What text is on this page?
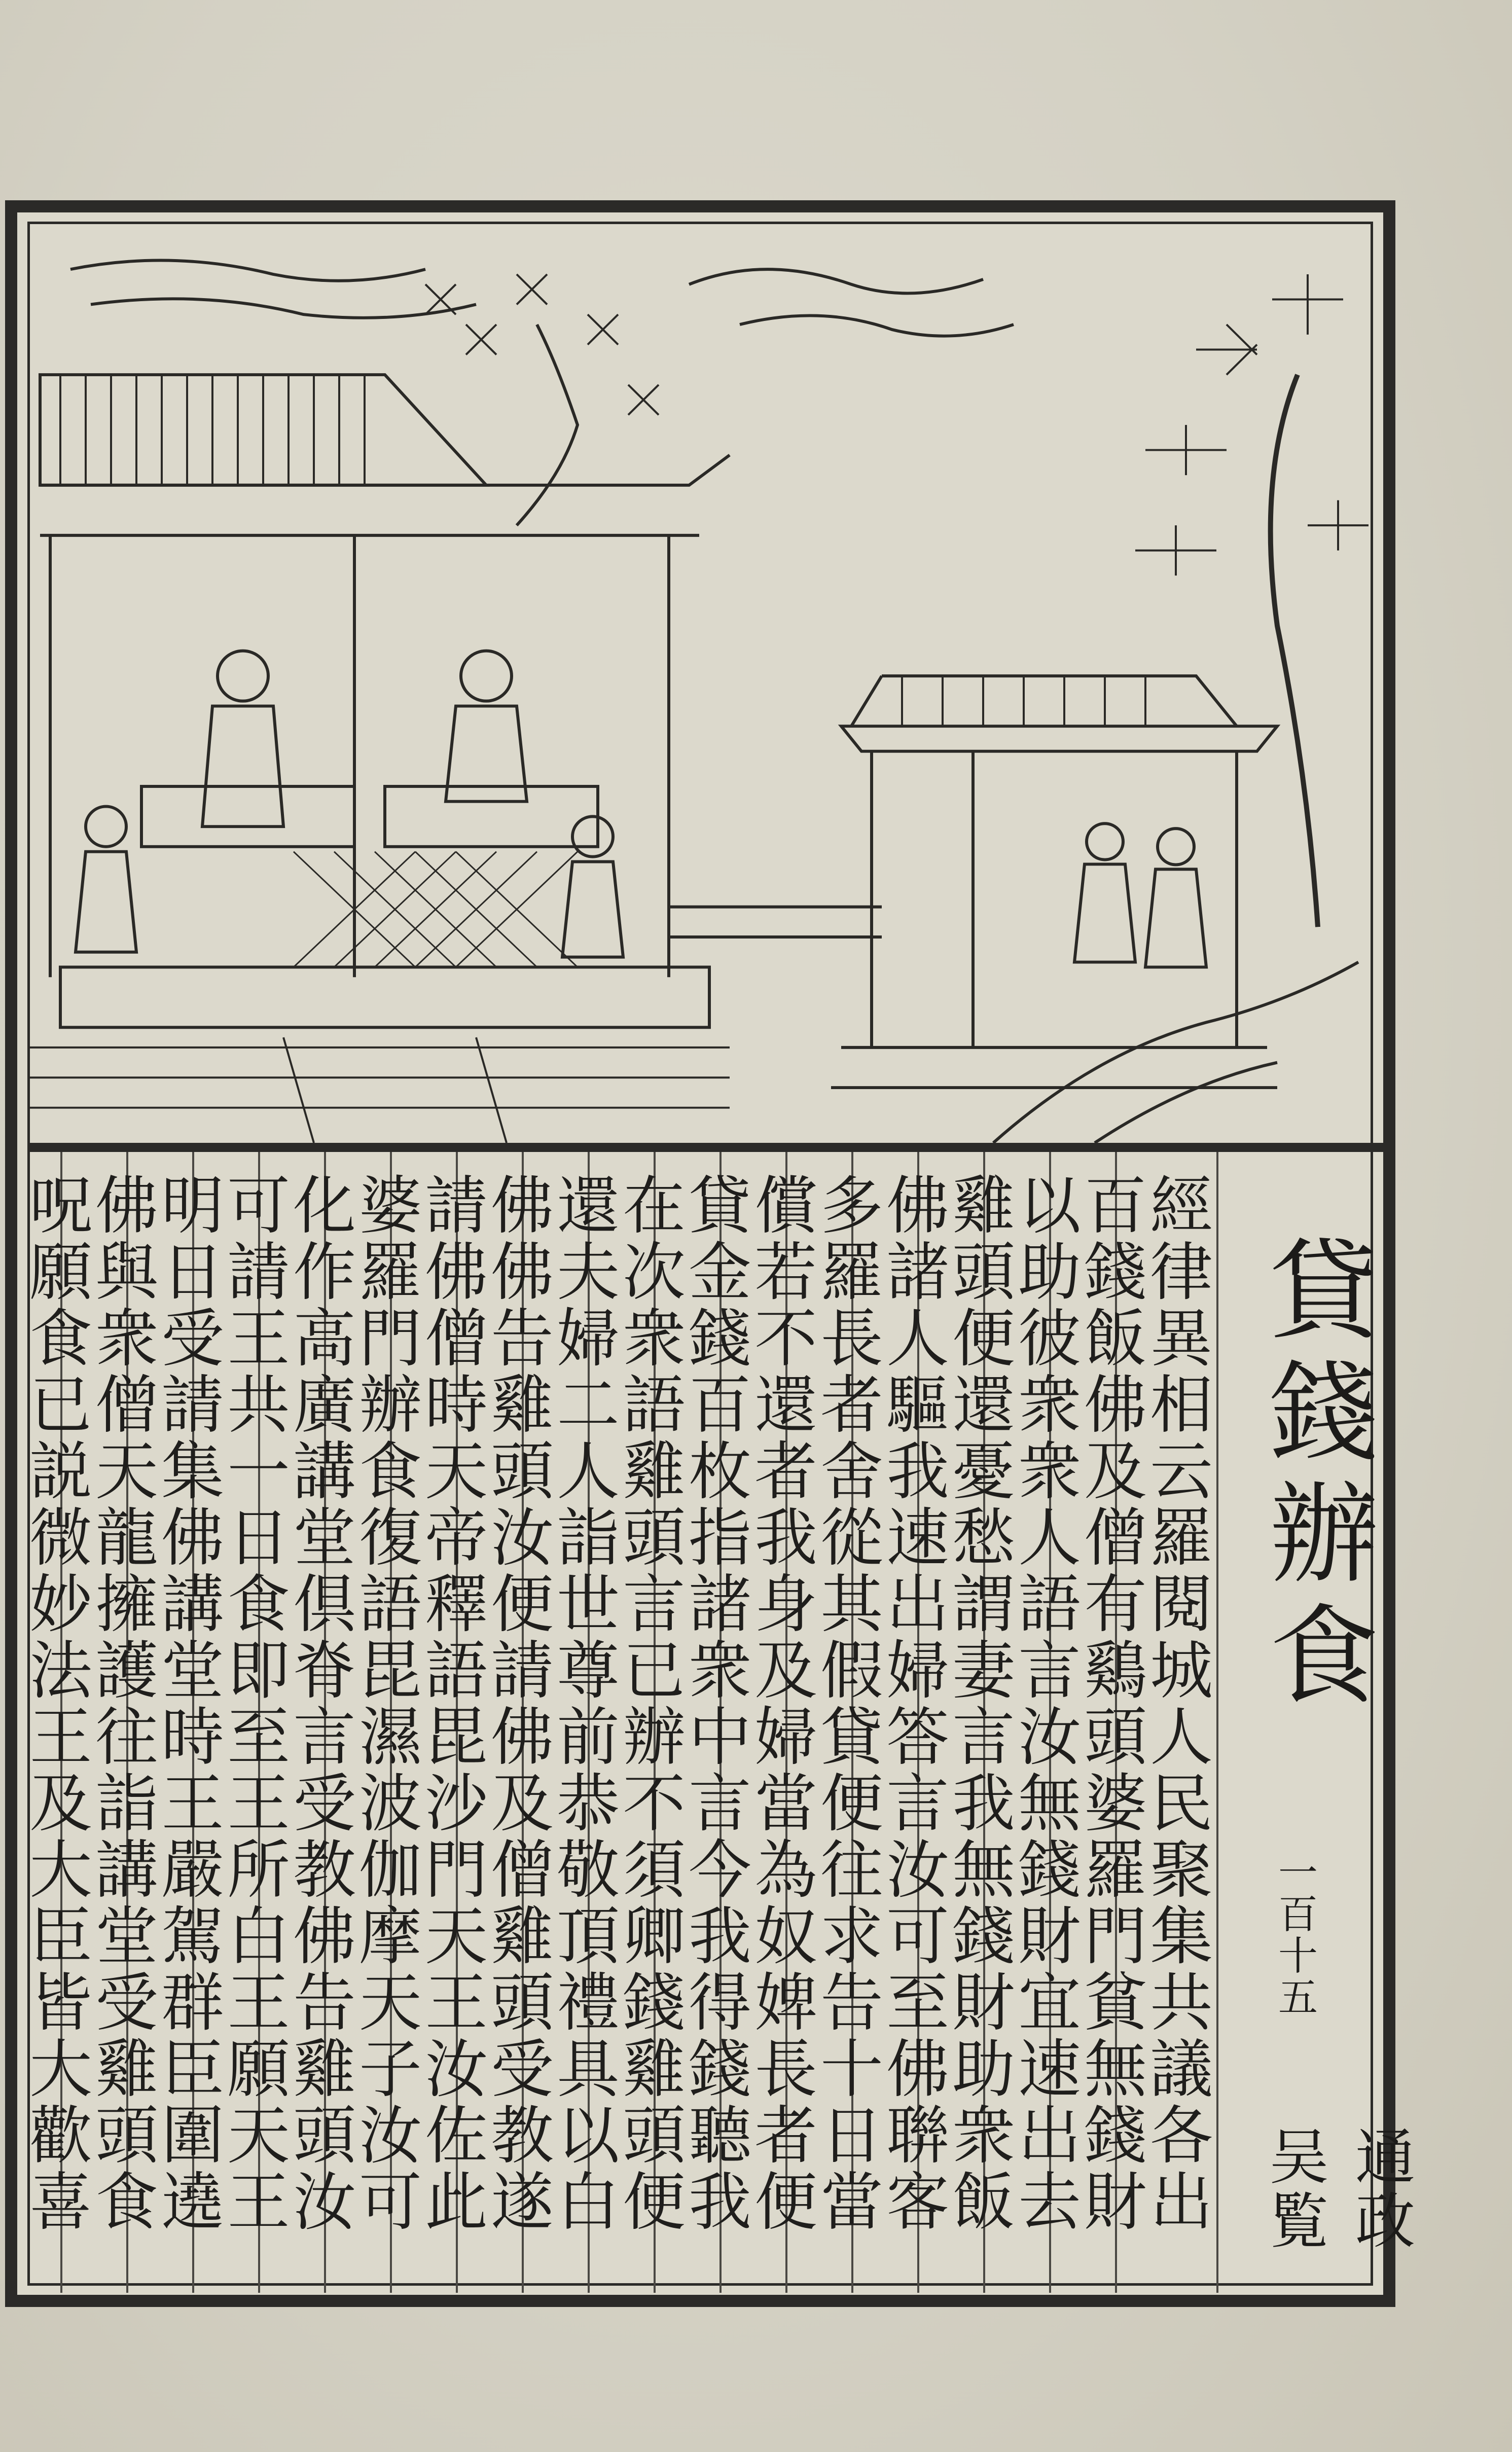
貸錢辦食
一百十五
通政吴覧
經律異相云羅閱城人民聚集共議各出
百錢飯佛及僧有鷄頭婆羅門貧無錢財
以助彼衆衆人語言汝無錢財宜速出去
雞頭便還憂愁謂妻言我無錢財助衆飯
佛諸人驅我速出婦答言汝可至佛聨客
多羅長者舍從其假貸便往求告十日當
償若不還者我身及婦當為奴婢長者便
貸金錢百枚指諸衆中言今我得錢聽我
在次衆語雞頭言已辦不須卿錢雞頭便
還夫婦二人詣世尊前恭敬頂禮具以白
佛佛告雞頭汝便請佛及僧雞頭受教遂
請佛僧時天帝釋語毘沙門天王汝佐此
婆羅門辦食復語毘濕波伽摩天子汝可
化作高廣講堂倶脊言受教佛告雞頭汝
可請王共一日食即至王所白王願天王
明日受請集佛講堂時王嚴駕群臣圍遶
佛與衆僧天龍擁護往詣講堂受雞頭食
呪願食已説微妙法王及大臣皆大歡喜
